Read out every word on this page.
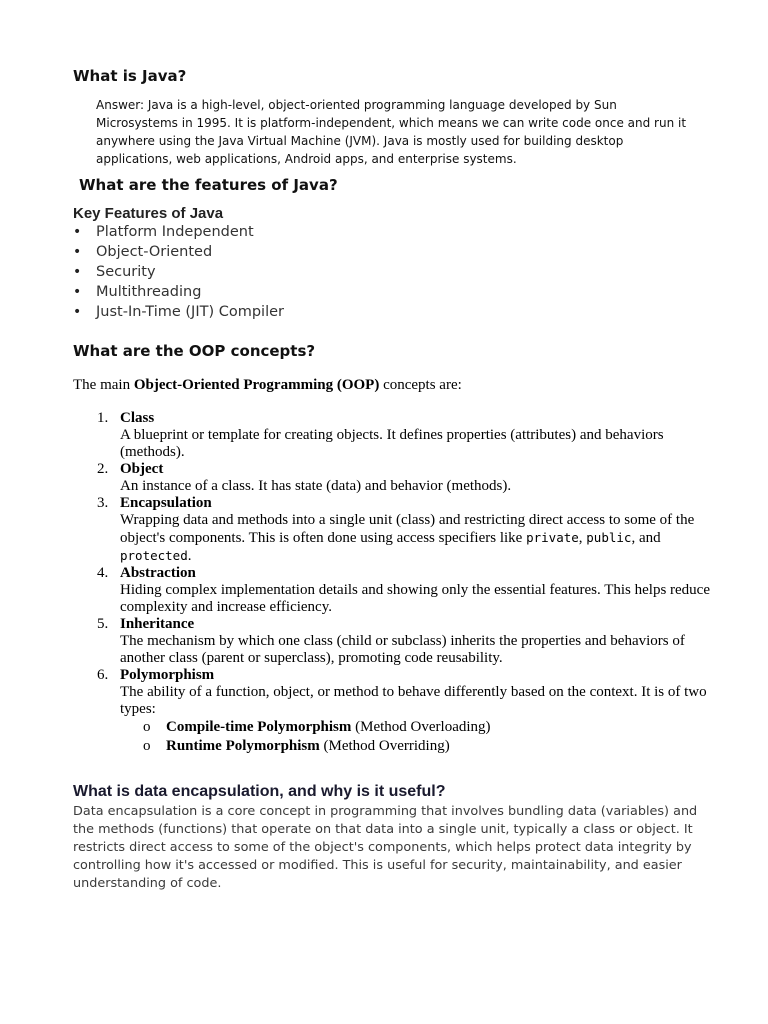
What is Java?
Answer: Java is a high-level, object-oriented programming language developed by Sun Microsystems in 1995. It is platform-independent, which means we can write code once and run it anywhere using the Java Virtual Machine (JVM). Java is mostly used for building desktop applications, web applications, Android apps, and enterprise systems.
What are the features of Java?
Key Features of Java
• Platform Independent
• Object-Oriented
• Security
• Multithreading
• Just-In-Time (JIT) Compiler
What are the OOP concepts?
The main Object-Oriented Programming (OOP) concepts are:
1. Class
A blueprint or template for creating objects. It defines properties (attributes) and behaviors (methods).
2. Object
An instance of a class. It has state (data) and behavior (methods).
3. Encapsulation
Wrapping data and methods into a single unit (class) and restricting direct access to some of the object's components. This is often done using access specifiers like private, public, and protected.
4. Abstraction
Hiding complex implementation details and showing only the essential features. This helps reduce complexity and increase efficiency.
5. Inheritance
The mechanism by which one class (child or subclass) inherits the properties and behaviors of another class (parent or superclass), promoting code reusability.
6. Polymorphism
The ability of a function, object, or method to behave differently based on the context. It is of two types:
o Compile-time Polymorphism (Method Overloading)
o Runtime Polymorphism (Method Overriding)
What is data encapsulation, and why is it useful?
Data encapsulation is a core concept in programming that involves bundling data (variables) and the methods (functions) that operate on that data into a single unit, typically a class or object. It restricts direct access to some of the object's components, which helps protect data integrity by controlling how it's accessed or modified. This is useful for security, maintainability, and easier understanding of code.
